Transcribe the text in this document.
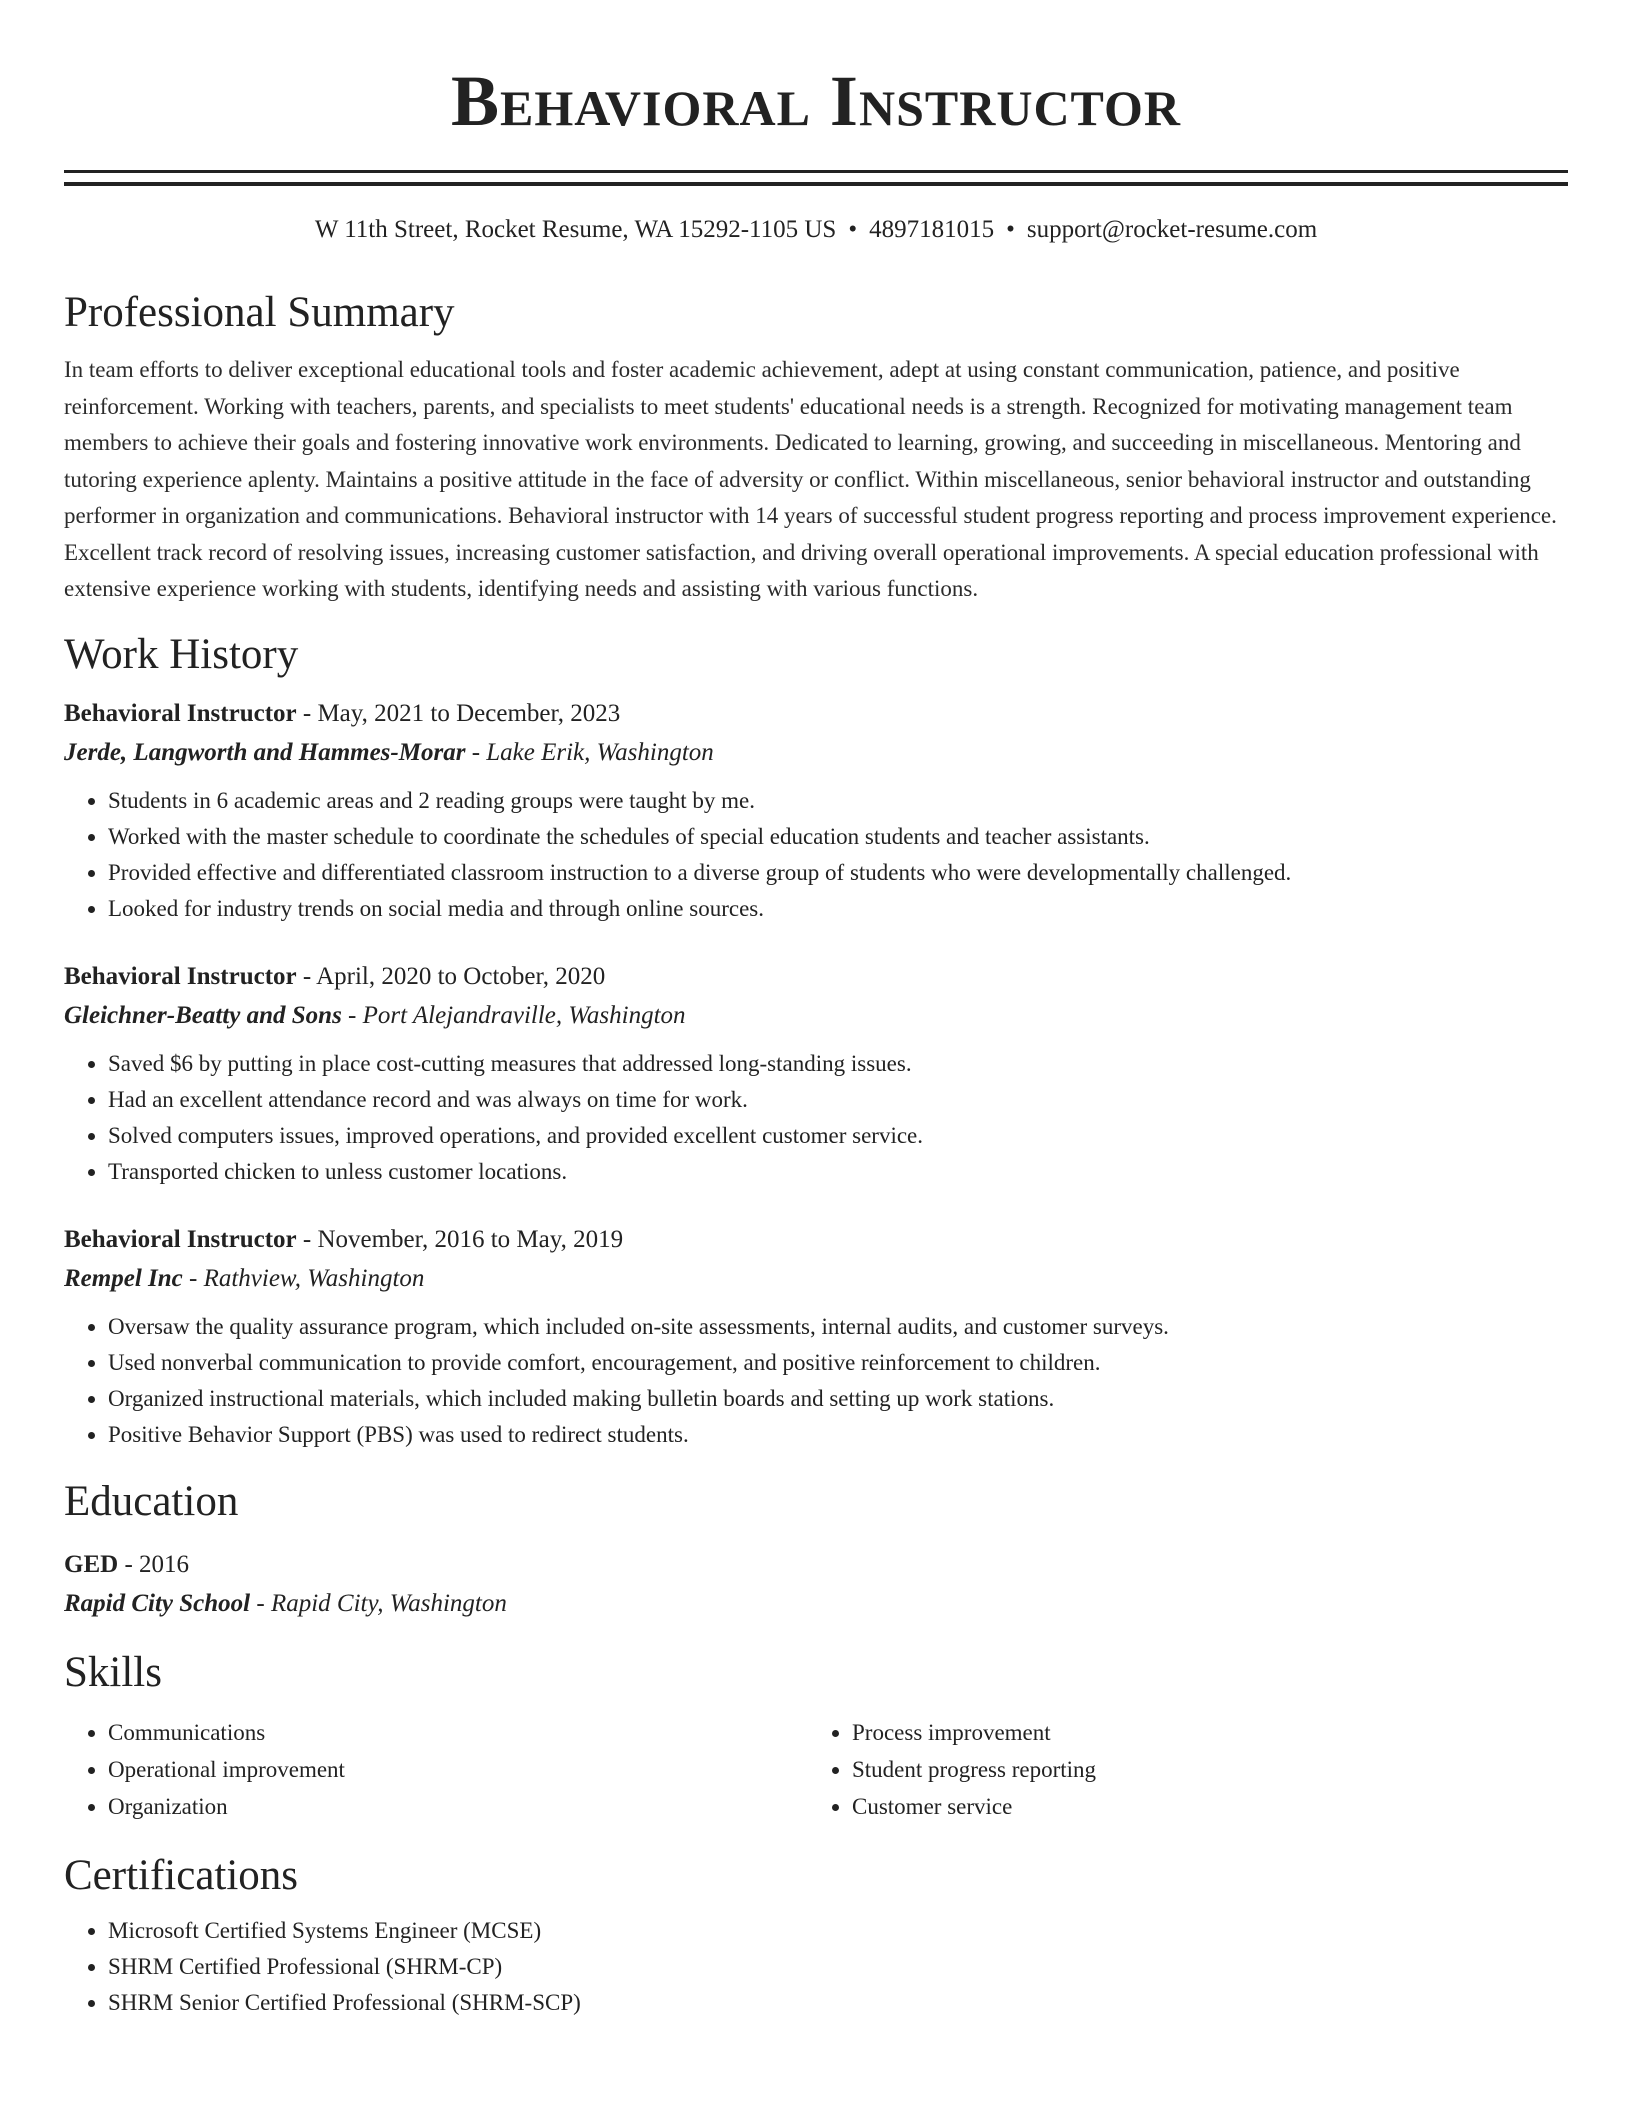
Behavioral Instructor
W 11th Street, Rocket Resume, WA 15292-1105 US • 4897181015 • support@rocket-resume.com
Professional Summary

In team efforts to deliver exceptional educational tools and foster academic achievement, adept at using constant communication, patience, and positive reinforcement. Working with teachers, parents, and specialists to meet students' educational needs is a strength. Recognized for motivating management team members to achieve their goals and fostering innovative work environments. Dedicated to learning, growing, and succeeding in miscellaneous. Mentoring and tutoring experience aplenty. Maintains a positive attitude in the face of adversity or conflict. Within miscellaneous, senior behavioral instructor and outstanding performer in organization and communications. Behavioral instructor with 14 years of successful student progress reporting and process improvement experience. Excellent track record of resolving issues, increasing customer satisfaction, and driving overall operational improvements. A special education professional with extensive experience working with students, identifying needs and assisting with various functions.

Work History
Behavioral Instructor - May, 2021 to December, 2023
Jerde, Langworth and Hammes-Morar - Lake Erik, Washington
• Students in 6 academic areas and 2 reading groups were taught by me.
• Worked with the master schedule to coordinate the schedules of special education students and teacher assistants.
• Provided effective and differentiated classroom instruction to a diverse group of students who were developmentally challenged.
• Looked for industry trends on social media and through online sources.
Behavioral Instructor - April, 2020 to October, 2020
Gleichner-Beatty and Sons - Port Alejandraville, Washington
• Saved $6 by putting in place cost-cutting measures that addressed long-standing issues.
• Had an excellent attendance record and was always on time for work.
• Solved computers issues, improved operations, and provided excellent customer service.
• Transported chicken to unless customer locations.
Behavioral Instructor - November, 2016 to May, 2019
Rempel Inc - Rathview, Washington
• Oversaw the quality assurance program, which included on-site assessments, internal audits, and customer surveys.
• Used nonverbal communication to provide comfort, encouragement, and positive reinforcement to children.
• Organized instructional materials, which included making bulletin boards and setting up work stations.
• Positive Behavior Support (PBS) was used to redirect students.
Education
GED - 2016
Rapid City School - Rapid City, Washington
Skills
• Communications
• Operational improvement
• Organization
• Process improvement
• Student progress reporting
• Customer service
Certifications
• Microsoft Certified Systems Engineer (MCSE)
• SHRM Certified Professional (SHRM-CP)
• SHRM Senior Certified Professional (SHRM-SCP)
